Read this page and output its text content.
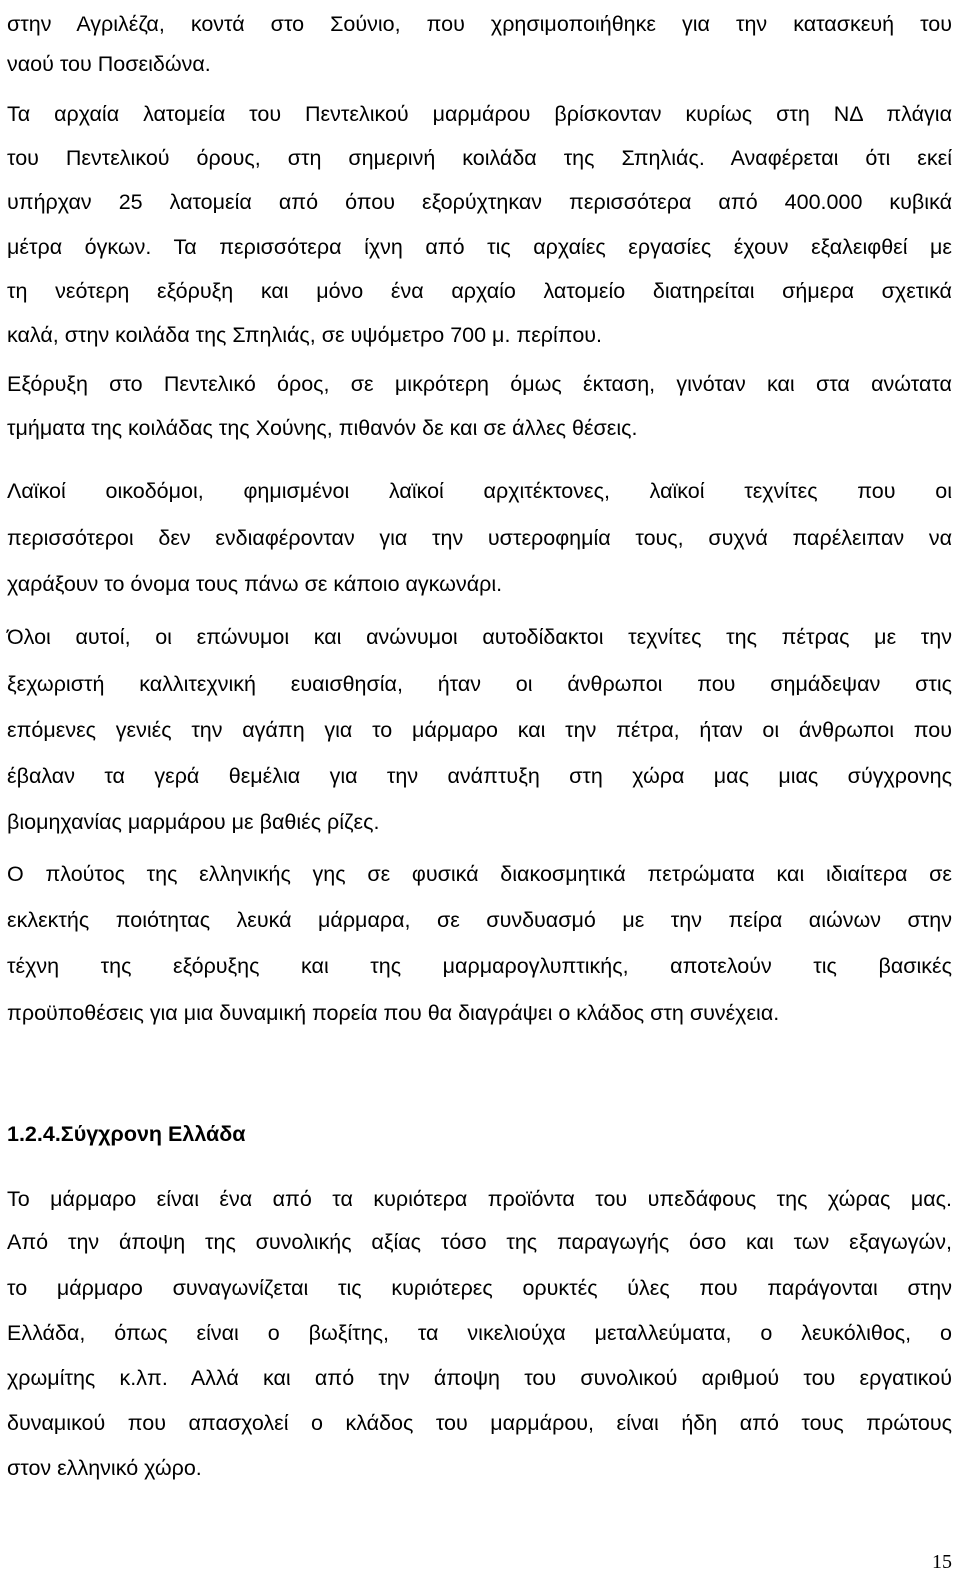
στην Αγριλέζα, κοντά στο Σούνιο, που χρησιμοποιήθηκε για την κατασκευή του
ναού του Ποσειδώνα.
Τα αρχαία λατομεία του Πεντελικού μαρμάρου βρίσκονταν κυρίως στη ΝΔ πλάγια
του Πεντελικού όρους, στη σημερινή κοιλάδα της Σπηλιάς. Αναφέρεται ότι εκεί
υπήρχαν 25 λατομεία από όπου εξορύχτηκαν περισσότερα από 400.000 κυβικά
μέτρα όγκων. Τα περισσότερα ίχνη από τις αρχαίες εργασίες έχουν εξαλειφθεί με
τη νεότερη εξόρυξη και μόνο ένα αρχαίο λατομείο διατηρείται σήμερα σχετικά
καλά, στην κοιλάδα της Σπηλιάς, σε υψόμετρο 700 μ. περίπου.
Εξόρυξη στο Πεντελικό όρος, σε μικρότερη όμως έκταση, γινόταν και στα ανώτατα
τμήματα της κοιλάδας της Χούνης, πιθανόν δε και σε άλλες θέσεις.
Λαϊκοί οικοδόμοι, φημισμένοι λαϊκοί αρχιτέκτονες, λαϊκοί τεχνίτες που οι
περισσότεροι δεν ενδιαφέρονταν για την υστεροφημία τους, συχνά παρέλειπαν να
χαράξουν το όνομα τους πάνω σε κάποιο αγκωνάρι.
Όλοι αυτοί, οι επώνυμοι και ανώνυμοι αυτοδίδακτοι τεχνίτες της πέτρας με την
ξεχωριστή καλλιτεχνική ευαισθησία, ήταν οι άνθρωποι που σημάδεψαν στις
επόμενες γενιές την αγάπη για το μάρμαρο και την πέτρα, ήταν οι άνθρωποι που
έβαλαν τα γερά θεμέλια για την ανάπτυξη στη χώρα μας μιας σύγχρονης
βιομηχανίας μαρμάρου με βαθιές ρίζες.
Ο πλούτος της ελληνικής γης σε φυσικά διακοσμητικά πετρώματα και ιδιαίτερα σε
εκλεκτής ποιότητας λευκά μάρμαρα, σε συνδυασμό με την πείρα αιώνων στην
τέχνη της εξόρυξης και της μαρμαρογλυπτικής, αποτελούν τις βασικές
προϋποθέσεις για μια δυναμική πορεία που θα διαγράψει ο κλάδος στη συνέχεια.
1.2.4.Σύγχρονη Ελλάδα
Το μάρμαρο είναι ένα από τα κυριότερα προϊόντα του υπεδάφους της χώρας μας.
Από την άποψη της συνολικής αξίας τόσο της παραγωγής όσο και των εξαγωγών,
το μάρμαρο συναγωνίζεται τις κυριότερες ορυκτές ύλες που παράγονται στην
Ελλάδα, όπως είναι ο βωξίτης, τα νικελιούχα μεταλλεύματα, ο λευκόλιθος, ο
χρωμίτης κ.λπ. Αλλά και από την άποψη του συνολικού αριθμού του εργατικού
δυναμικού που απασχολεί ο κλάδος του μαρμάρου, είναι ήδη από τους πρώτους
στον ελληνικό χώρο.
15
